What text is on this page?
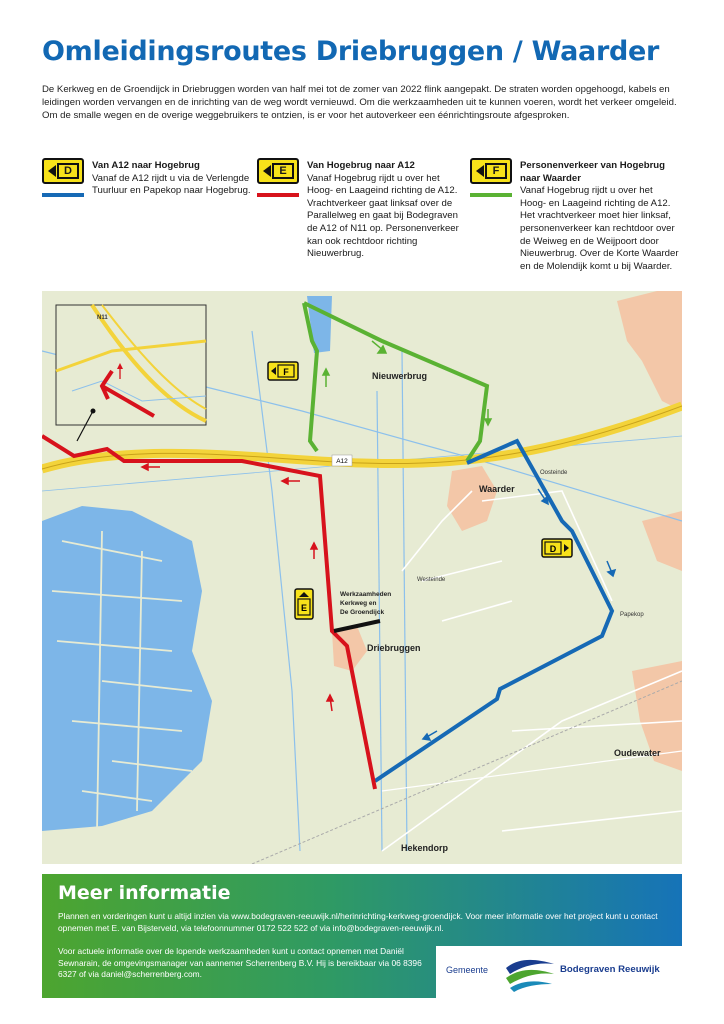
Omleidingsroutes Driebruggen / Waarder

De Kerkweg en de Groendijck in Driebruggen worden van half mei tot de zomer van 2022 flink aangepakt. De straten worden opgehoogd, kabels en leidingen worden vervangen en de inrichting van de weg wordt vernieuwd. Om die werkzaamheden uit te kunnen voeren, wordt het verkeer omgeleid. Om de smalle wegen en de overige weggebruikers te ontzien, is er voor het autoverkeer een éénrichtingsroute afgesproken.

D	Van A12 naar Hogebrug
Vanaf de A12 rijdt u via de Verlengde Tuurluur en Papekop naar Hogebrug.
E	Van Hogebrug naar A12
Vanaf Hogebrug rijdt u over het Hoog- en Laageind richting de A12. Vrachtverkeer gaat linksaf over de Parallelweg en gaat bij Bodegraven de A12 of N11 op. Personenverkeer kan ook rechtdoor richting Nieuwerbrug.
F	Personenverkeer van Hogebrug naar Waarder
Vanaf Hogebrug rijdt u over het Hoog- en Laageind richting de A12. Het vrachtverkeer moet hier linksaf, personenverkeer kan rechtdoor over de Weiweg en de Weijpoort door Nieuwerbrug. Over de Korte Waarder en de Molendijk komt u bij Waarder.
A12
F
E
D
Nieuwerbrug
Waarder
Driebruggen
Oudewater
Hekendorp
Oosteinde
Papekop
Westeinde
Werkzaamheden Kerkweg en De Groendijck
N11
Meer informatie

Plannen en vorderingen kunt u altijd inzien via www.bodegraven-reeuwijk.nl/herinrichting-kerkweg-groendijck. Voor meer informatie over het project kunt u contact opnemen met E. van Bijsterveld, via telefoonnummer 0172 522 522 of via info@bodegraven-reeuwijk.nl.

Voor actuele informatie over de lopende werkzaamheden kunt u contact opnemen met Daniël Sewnarain, de omgevingsmanager van aannemer Scherrenberg B.V. Hij is bereikbaar via 06 8396 6327 of via daniel@scherrenberg.com.	Gemeente	Bodegraven Reeuwijk
